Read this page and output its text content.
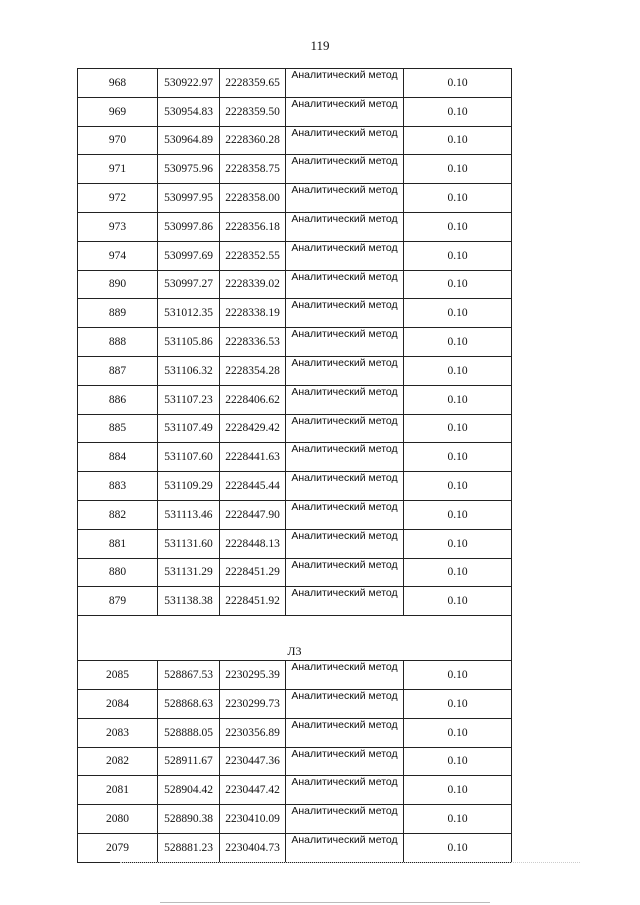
119
968	530922.97	2228359.65	Аналитический метод	0.10
969	530954.83	2228359.50	Аналитический метод	0.10
970	530964.89	2228360.28	Аналитический метод	0.10
971	530975.96	2228358.75	Аналитический метод	0.10
972	530997.95	2228358.00	Аналитический метод	0.10
973	530997.86	2228356.18	Аналитический метод	0.10
974	530997.69	2228352.55	Аналитический метод	0.10
890	530997.27	2228339.02	Аналитический метод	0.10
889	531012.35	2228338.19	Аналитический метод	0.10
888	531105.86	2228336.53	Аналитический метод	0.10
887	531106.32	2228354.28	Аналитический метод	0.10
886	531107.23	2228406.62	Аналитический метод	0.10
885	531107.49	2228429.42	Аналитический метод	0.10
884	531107.60	2228441.63	Аналитический метод	0.10
883	531109.29	2228445.44	Аналитический метод	0.10
882	531113.46	2228447.90	Аналитический метод	0.10
881	531131.60	2228448.13	Аналитический метод	0.10
880	531131.29	2228451.29	Аналитический метод	0.10
879	531138.38	2228451.92	Аналитический метод	0.10
Л3				
2085	528867.53	2230295.39	Аналитический метод	0.10
2084	528868.63	2230299.73	Аналитический метод	0.10
2083	528888.05	2230356.89	Аналитический метод	0.10
2082	528911.67	2230447.36	Аналитический метод	0.10
2081	528904.42	2230447.42	Аналитический метод	0.10
2080	528890.38	2230410.09	Аналитический метод	0.10
2079	528881.23	2230404.73	Аналитический метод	0.10
